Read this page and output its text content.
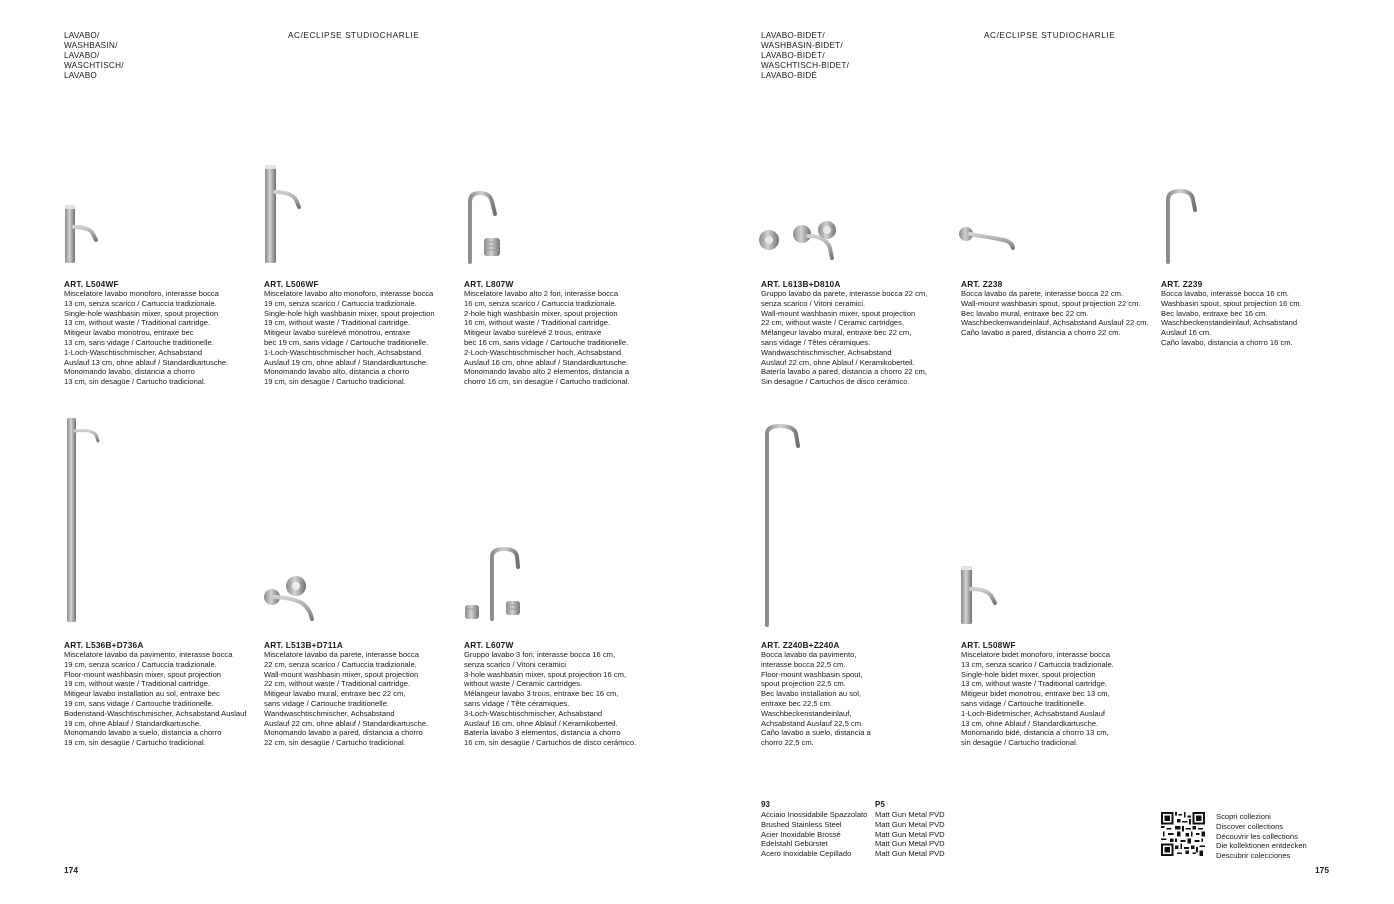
LAVABO/
WASHBASIN/
LAVABO/
WASCHTISCH/
LAVABO
AC/ECLIPSE STUDIOCHARLIE	LAVABO-BIDET/
WASHBASIN-BIDET/
LAVABO-BIDET/
WASCHTISCH-BIDET/
LAVABO-BIDÉ
AC/ECLIPSE STUDIOCHARLIE
ART. L504WF
Miscelatore lavabo monoforo, interasse bocca
13 cm, senza scarico / Cartuccia tradizionale.
Single-hole washbasin mixer, spout projection
13 cm, without waste / Traditional cartridge.
Mitigeur lavabo monotrou, entraxe bec
13 cm, sans vidage / Cartouche traditionelle.
1-Loch-Waschtischmischer, Achsabstand
Auslauf 13 cm, ohne ablauf / Standardkartusche.
Monomando lavabo, distancia a chorro
13 cm, sin desagüe / Cartucho tradicional.
ART. L506WF
Miscelatore lavabo alto monoforo, interasse bocca
19 cm, senza scarico / Cartuccia tradizionale.
Single-hole high washbasin mixer, spout projection
19 cm, without waste / Traditional cartridge.
Mitigeur lavabo surélevé monotrou, entraxe
bec 19 cm, sans vidage / Cartouche traditionelle.
1-Loch-Waschtischmischer hoch, Achsabstand
Auslauf 19 cm, ohne ablauf / Standardkartusche.
Monomando lavabo alto, distancia a chorro
19 cm, sin desagüe / Cartucho tradicional.
ART. L807W
Miscelatore lavabo alto 2 fori, interasse bocca
16 cm, senza scarico / Cartuccia tradizionale.
2-hole high washbasin mixer, spout projection
16 cm, without waste / Traditional cartridge.
Mitigeur lavabo surélevé 2 trous, entraxe
bec 16 cm, sans vidage / Cartouche traditionelle.
2-Loch-Waschtischmischer hoch, Achsabstand
Auslauf 16 cm, ohne ablauf / Standardkartusche.
Monomando lavabo alto 2 elementos, distancia a
chorro 16 cm, sin desagüe / Cartucho tradicional.
ART. L613B+D810A
Gruppo lavabo da parete, interasse bocca 22 cm,
senza scarico / Vitoni ceramici.
Wall-mount washbasin mixer, spout projection
22 cm, without waste / Ceramic cartridges.
Mélangeur lavabo mural, entraxe bec 22 cm,
sans vidage / Têtes céramiques.
Wandwaschtischmischer, Achsabstand
Auslauf 22 cm, ohne Ablauf / Keramikoberteil.
Batería lavabo a pared, distancia a chorro 22 cm,
Sin desagüe / Cartuchos de disco cerámico.
ART. Z238
Bocca lavabo da parete, interasse bocca 22 cm.
Wall-mount washbasin spout, spout projection 22 cm.
Bec lavabo mural, entraxe bec 22 cm.
Waschbeckenwandeinlauf, Achsabstand Auslauf 22 cm.
Caño lavabo a pared, distancia a chorro 22 cm.
ART. Z239
Bocca lavabo, interasse bocca 16 cm.
Washbasin spout, spout projection 16 cm.
Bec lavabo, entraxe bec 16 cm.
Waschbeckenstandeinlauf, Achsabstand
Auslauf 16 cm.
Caño lavabo, distancia a chorro 16 cm.
ART. L536B+D736A
Miscelatore lavabo da pavimento, interasse bocca
19 cm, senza scarico / Cartuccia tradizionale.
Floor-mount washbasin mixer, spout projection
19 cm, without waste / Traditional cartridge.
Mitigeur lavabo installation au sol, entraxe bec
19 cm, sans vidage / Cartouche traditionelle.
Bodenstand-Waschtischmischer, Achsabstand Auslauf
19 cm, ohne Ablauf / Standardkartusche.
Monomando lavabo a suelo, distancia a chorro
19 cm, sin desagüe / Cartucho tradicional.
ART. L513B+D711A
Miscelatore lavabo da parete, interasse bocca
22 cm, senza scarico / Cartuccia tradizionale.
Wall-mount washbasin mixer, spout projection
22 cm, without waste / Traditional cartridge.
Mitigeur lavabo mural, entraxe bec 22 cm,
sans vidage / Cartouche traditionelle.
Wandwaschtischmischer, Achsabstand
Auslauf 22 cm, ohne ablauf / Standardkartusche.
Monomando lavabo a pared, distancia a chorro
22 cm, sin desagüe / Cartucho tradicional.
ART. L607W
Gruppo lavabo 3 fori, interasse bocca 16 cm,
senza scarico / Vitoni ceramici
3-hole washbasin mixer, spout projection 16 cm,
without waste / Ceramic cartridges.
Mélangeur lavabo 3 trous, entraxe bec 16 cm,
sans vidage / Tête céramiques.
3-Loch-Waschtischmischer, Achsabstand
Auslauf 16 cm, ohne Ablauf / Keramikoberteil.
Batería lavabo 3 elementos, distancia a chorro
16 cm, sin desagüe / Cartuchos de disco cerámico.
ART. Z240B+Z240A
Bocca lavabo da pavimento,
interasse bocca 22,5 cm.
Floor-mount washbasin spout,
spout projection 22,5 cm.
Bec lavabo installation au sol,
entraxe bec 22,5 cm.
Waschbeckenstandeinlauf,
Achsabstand Auslauf 22,5 cm.
Caño lavabo a suelo, distancia a
chorro 22,5 cm.
ART. L508WF
Miscelatore bidet monoforo, interasse bocca
13 cm, senza scarico / Cartuccia tradizionale.
Single-hole bidet mixer, spout projection
13 cm, without waste / Traditional cartridge.
Mitigeur bidet monotrou, entraxe bec 13 cm,
sans vidage / Cartouche traditionelle.
1-Loch-Bidetmischer, Achsabstand Auslauf
13 cm, ohne Ablauf / Standardkartusche.
Monomando bidé, distancia a chorro 13 cm,
sin desagüe / Cartucho tradicional.
93
Acciaio Inossidabile Spazzolato
Brushed Stainless Steel
Acier Inoxidable Brossé
Edelstahl Gebürstet
Acero Inoxidable Cepillado
P5
Matt Gun Metal PVD
Matt Gun Metal PVD
Matt Gun Metal PVD
Matt Gun Metal PVD
Matt Gun Metal PVD
Scopri collezioni
Discover collections
Découvrir les collections
Die kollektionen entdecken
Descubrir colecciones
174	175
